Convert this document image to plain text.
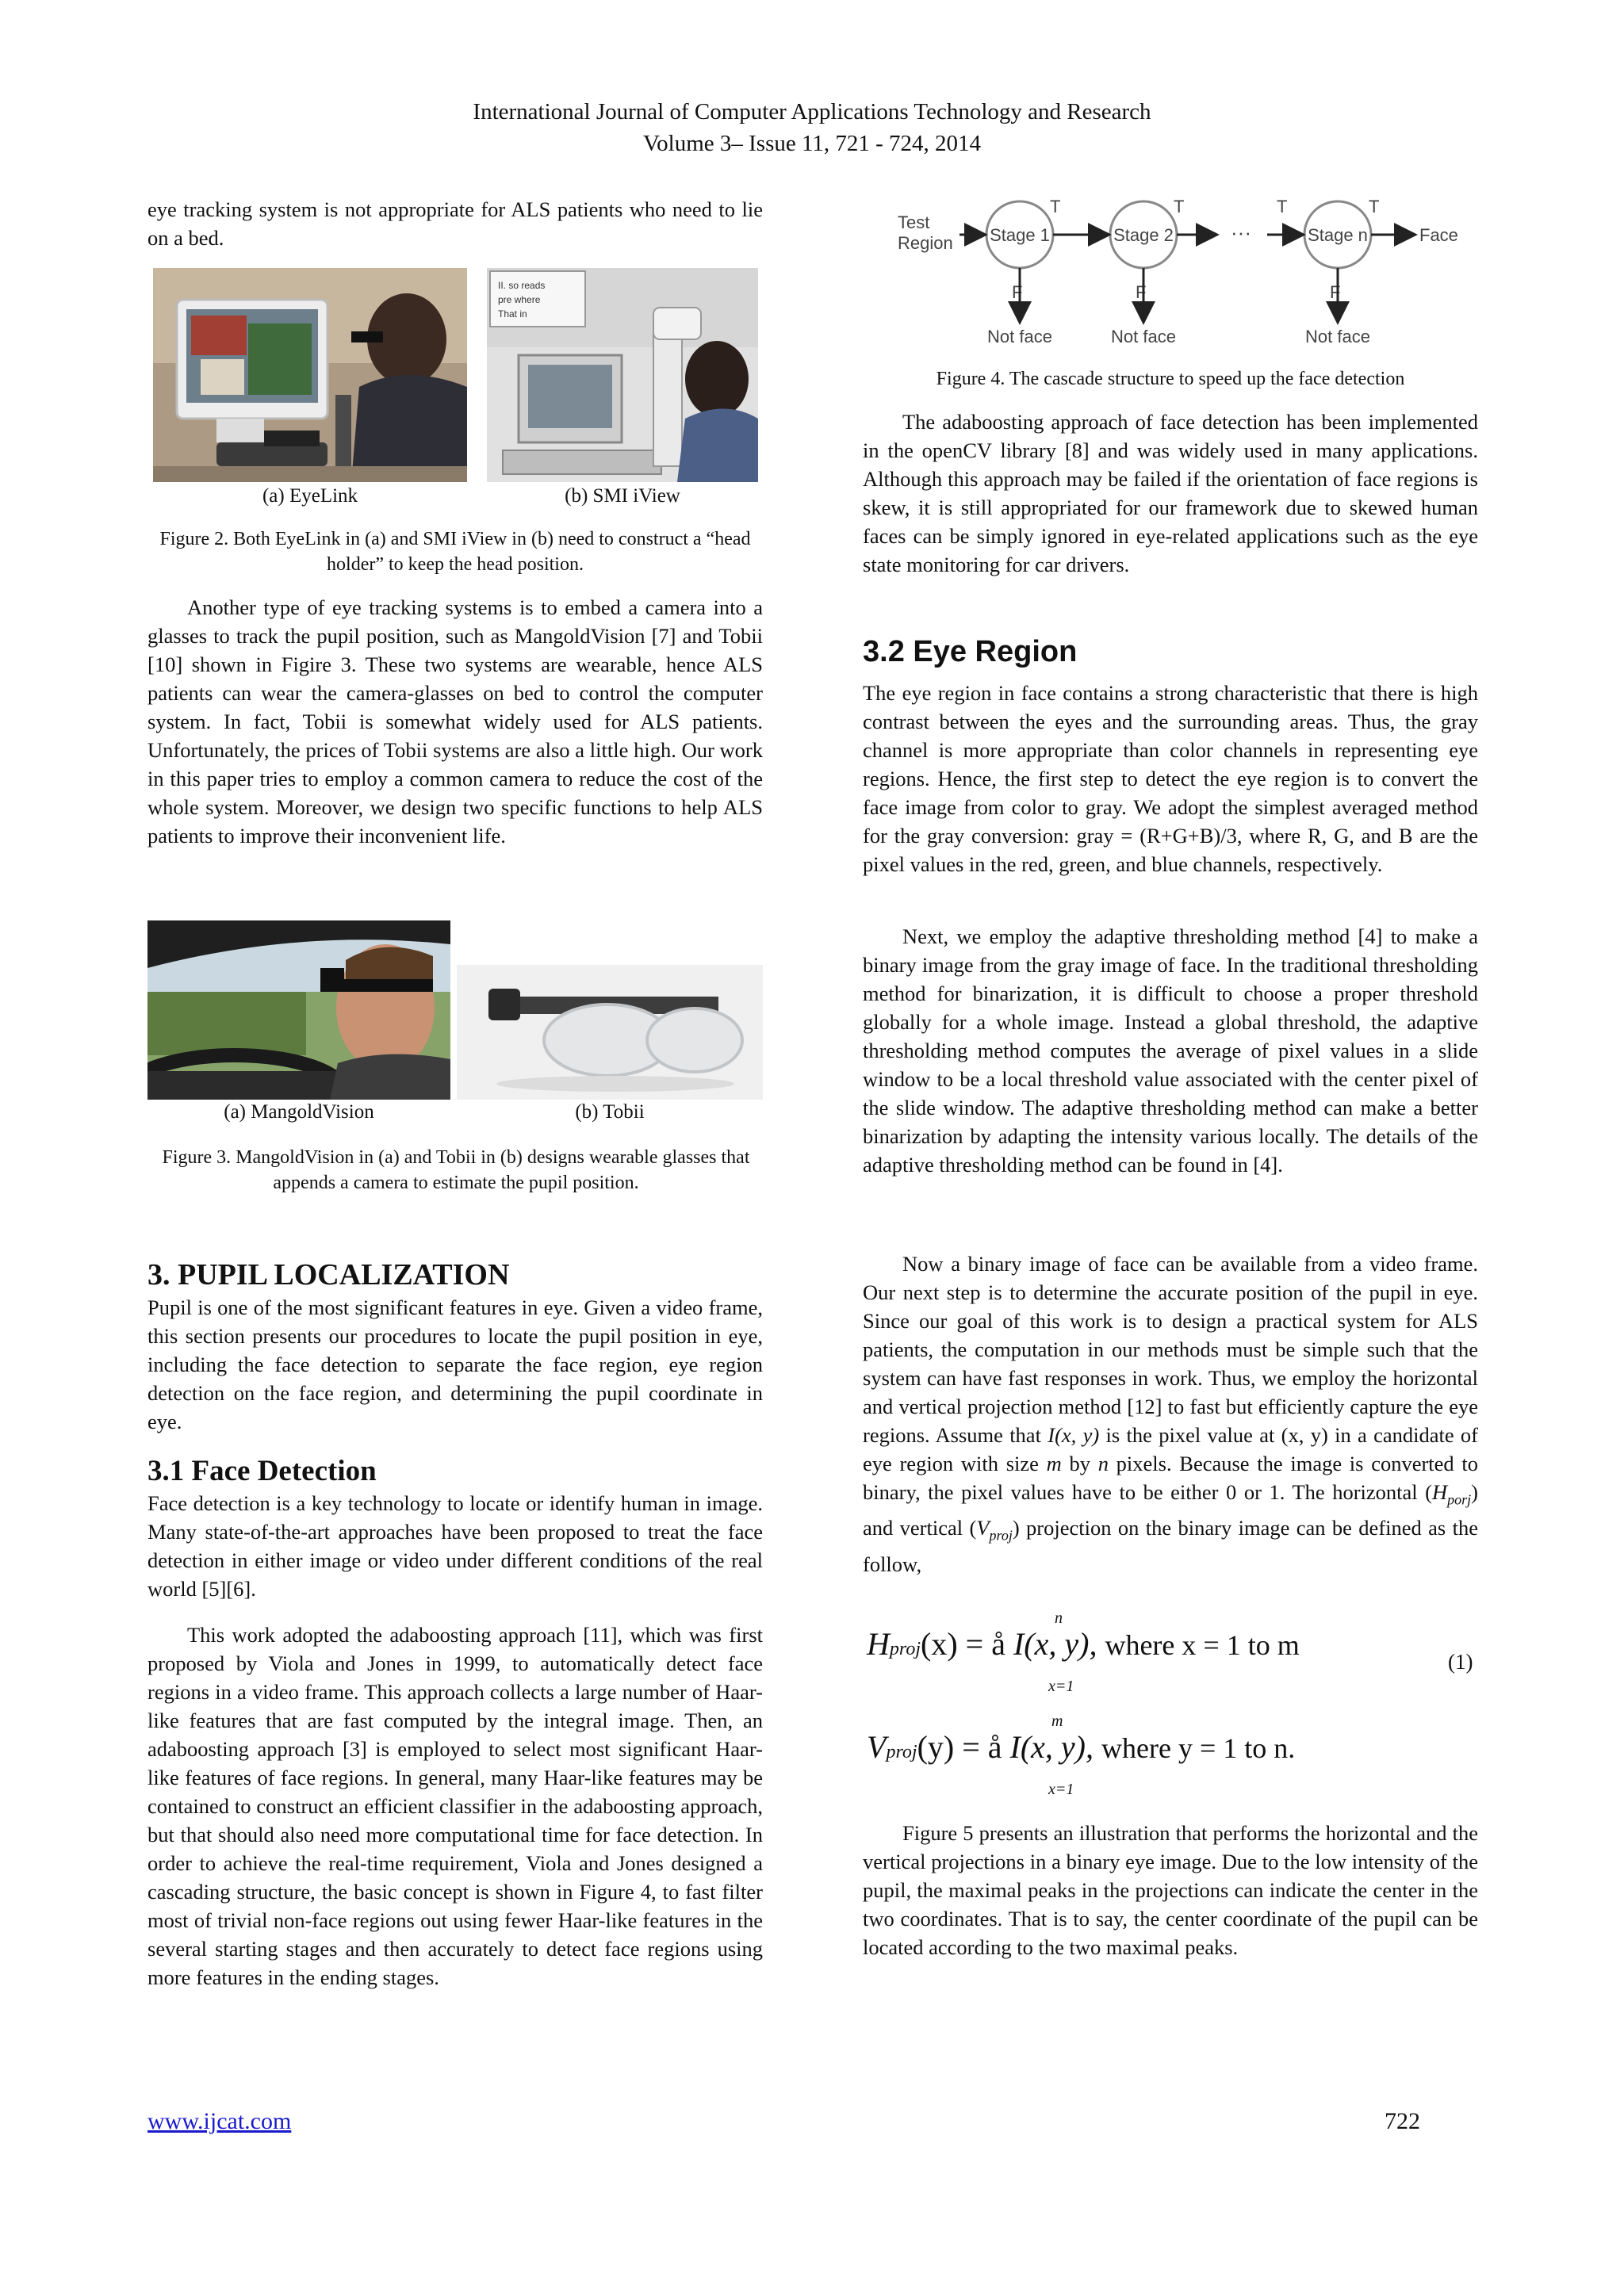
International Journal of Computer Applications Technology and Research
Volume 3– Issue 11, 721 - 724, 2014

eye tracking system is not appropriate for ALS patients who need to lie on a bed.

II. so reads
pre where
That in
(a) EyeLink	(b) SMI iView
Figure 2. Both EyeLink in (a) and SMI iView in (b) need to construct a “head holder” to keep the head position.

Another type of eye tracking systems is to embed a camera into a glasses to track the pupil position, such as MangoldVision [7] and Tobii [10] shown in Figire 3. These two systems are wearable, hence ALS patients can wear the camera-glasses on bed to control the computer system. In fact, Tobii is somewhat widely used for ALS patients. Unfortunately, the prices of Tobii systems are also a little high. Our work in this paper tries to employ a common camera to reduce the cost of the whole system. Moreover, we design two specific functions to help ALS patients to improve their inconvenient life.

(a) MangoldVision	(b) Tobii
Figure 3. MangoldVision in (a) and Tobii in (b) designs wearable glasses that appends a camera to estimate the pupil position.
3. PUPIL LOCALIZATION

Pupil is one of the most significant features in eye. Given a video frame, this section presents our procedures to locate the pupil position in eye, including the face detection to separate the face region, eye region detection on the face region, and determining the pupil coordinate in eye.

3.1 Face Detection

Face detection is a key technology to locate or identify human in image. Many state-of-the-art approaches have been proposed to treat the face detection in either image or video under different conditions of the real world [5][6].

This work adopted the adaboosting approach [11], which was first proposed by Viola and Jones in 1999, to automatically detect face regions in a video frame. This approach collects a large number of Haar-like features that are fast computed by the integral image. Then, an adaboosting approach [3] is employed to select most significant Haar-like features of face regions. In general, many Haar-like features may be contained to construct an efficient classifier in the adaboosting approach, but that should also need more computational time for face detection. In order to achieve the real-time requirement, Viola and Jones designed a cascading structure, the basic concept is shown in Figure 4, to fast filter most of trivial non-face regions out using fewer Haar-like features in the several starting stages and then accurately to detect face regions using more features in the ending stages.

Test Region Stage 1	Stage 2	Stage n
T	T	T	T
···	Face
F	F	F
Not face	Not face	Not face
Figure 4. The cascade structure to speed up the face detection

The adaboosting approach of face detection has been implemented in the openCV library [8] and was widely used in many applications. Although this approach may be failed if the orientation of face regions is skew, it is still appropriated for our framework due to skewed human faces can be simply ignored in eye-related applications such as the eye state monitoring for car drivers.

3.2 Eye Region

The eye region in face contains a strong characteristic that there is high contrast between the eyes and the surrounding areas. Thus, the gray channel is more appropriate than color channels in representing eye regions. Hence, the first step to detect the eye region is to convert the face image from color to gray. We adopt the simplest averaged method for the gray conversion: gray = (R+G+B)/3, where R, G, and B are the pixel values in the red, green, and blue channels, respectively.

Next, we employ the adaptive thresholding method [4] to make a binary image from the gray image of face. In the traditional thresholding method for binarization, it is difficult to choose a proper threshold globally for a whole image. Instead a global threshold, the adaptive thresholding method computes the average of pixel values in a slide window to be a local threshold value associated with the center pixel of the slide window. The adaptive thresholding method can make a better binarization by adapting the intensity various locally. The details of the adaptive thresholding method can be found in [4].

Now a binary image of face can be available from a video frame. Our next step is to determine the accurate position of the pupil in eye. Since our goal of this work is to design a practical system for ALS patients, the computation in our methods must be simple such that the system can have fast responses in work. Thus, we employ the horizontal and vertical projection method [12] to fast but efficiently capture the eye regions. Assume that I(x, y) is the pixel value at (x, y) in a candidate of eye region with size m by n pixels. Because the image is converted to binary, the pixel values have to be either 0 or 1. The horizontal $(H_{porj})$ and vertical $(V_{proj})$ projection on the binary image can be defined as the follow,

n
Hproj(x) = å I(x, y), where x = 1 to m
x=1
(1)
m
Vproj(y) = å I(x, y), where y = 1 to n.
x=1

Figure 5 presents an illustration that performs the horizontal and the vertical projections in a binary eye image. Due to the low intensity of the pupil, the maximal peaks in the projections can indicate the center in the two coordinates. That is to say, the center coordinate of the pupil can be located according to the two maximal peaks.

www.ijcat.com	722
